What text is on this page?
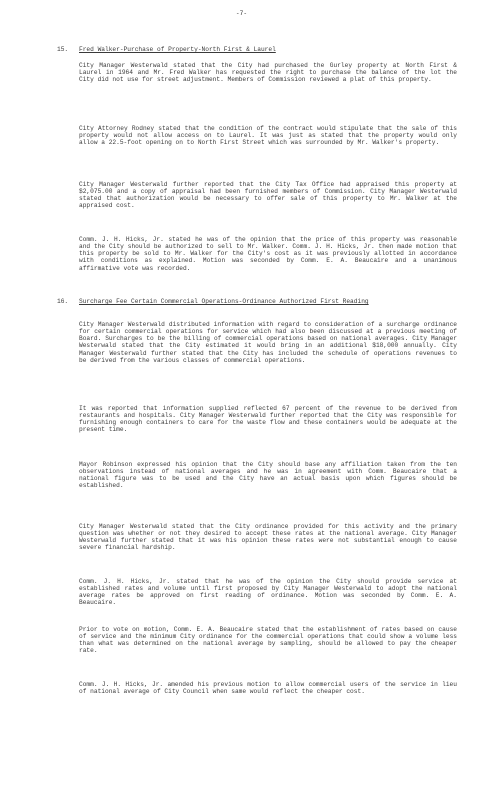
-7-
15. Fred Walker-Purchase of Property-North First & Laurel
City Manager Westerwald stated that the City had purchased the Gurley property at North First & Laurel in 1964 and Mr. Fred Walker has requested the right to purchase the balance of the lot the City did not use for street adjustment. Members of Commission reviewed a plat of this property.
City Attorney Rodney stated that the condition of the contract would stipulate that the sale of this property would not allow access on to Laurel. It was just as stated that the property would only allow a 22.5-foot opening on to North First Street which was surrounded by Mr. Walker's property.
City Manager Westerwald further reported that the City Tax Office had appraised this property at $2,075.00 and a copy of appraisal had been furnished members of Commission. City Manager Westerwald stated that authorization would be necessary to offer sale of this property to Mr. Walker at the appraised cost.
Comm. J. H. Hicks, Jr. stated he was of the opinion that the price of this property was reasonable and the City should be authorized to sell to Mr. Walker. Comm. J. H. Hicks, Jr. then made motion that this property be sold to Mr. Walker for the City's cost as it was previously allotted in accordance with conditions as explained. Motion was seconded by Comm. E. A. Beaucaire and a unanimous affirmative vote was recorded.
16. Surcharge Fee Certain Commercial Operations-Ordinance Authorized First Reading
City Manager Westerwald distributed information with regard to consideration of a surcharge ordinance for certain commercial operations for service which had also been discussed at a previous meeting of Board. Surcharges to be the billing of commercial operations based on national averages. City Manager Westerwald stated that the City estimated it would bring in an additional $18,000 annually. City Manager Westerwald further stated that the City has included the schedule of operations revenues to be derived from the various classes of commercial operations.
It was reported that information supplied reflected 67 percent of the revenue to be derived from restaurants and hospitals. City Manager Westerwald further reported that the City was responsible for furnishing enough containers to care for the waste flow and these containers would be adequate at the present time.
Mayor Robinson expressed his opinion that the City should base any affiliation taken from the ten observations instead of national averages and he was in agreement with Comm. Beaucaire that a national figure was to be used and the City have an actual basis upon which figures should be established.
City Manager Westerwald stated that the City ordinance provided for this activity and the primary question was whether or not they desired to accept these rates at the national average. City Manager Westerwald further stated that it was his opinion these rates were not substantial enough to cause severe financial hardship.
Comm. J. H. Hicks, Jr. stated that he was of the opinion the City should provide service at established rates and volume until first proposed by City Manager Westerwald to adopt the national average rates be approved on first reading of ordinance. Motion was seconded by Comm. E. A. Beaucaire.
Prior to vote on motion, Comm. E. A. Beaucaire stated that the establishment of rates based on cause of service and the minimum City ordinance for the commercial operations that could show a volume less than what was determined on the national average by sampling, should be allowed to pay the cheaper rate.
Comm. J. H. Hicks, Jr. amended his previous motion to allow commercial users of the service in lieu of national average of City Council when same would reflect the cheaper cost.
